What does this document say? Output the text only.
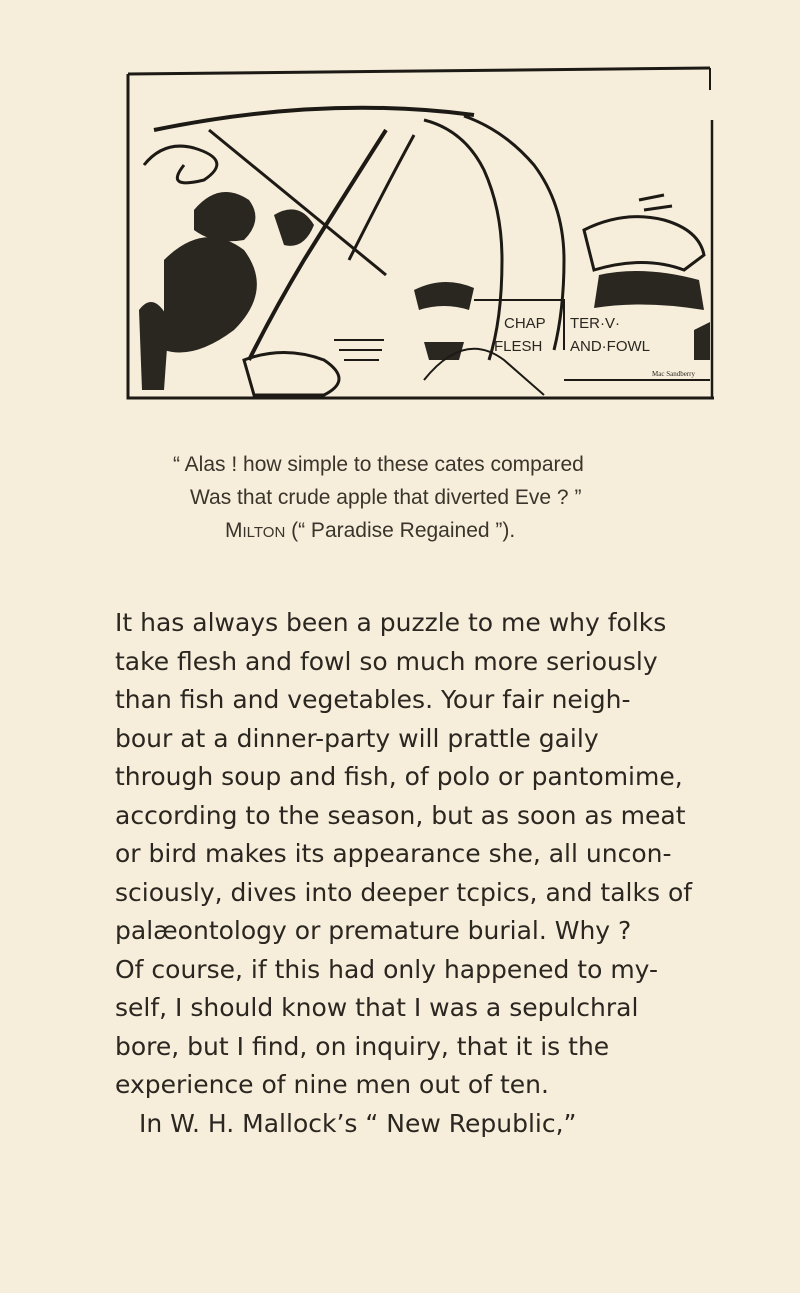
CHAP
FLESH
TER·V·
AND·FOWL
Mac Sandberry
“ Alas ! how simple to these cates compared
Was that crude apple that diverted Eve ? ”
Milton (“ Paradise Regained ”).
It has always been a puzzle to me why folks
take flesh and fowl so much more seriously
than fish and vegetables. Your fair neigh-
bour at a dinner-party will prattle gaily
through soup and fish, of polo or pantomime,
according to the season, but as soon as meat
or bird makes its appearance she, all uncon-
sciously, dives into deeper tcpics, and talks of
palæontology or premature burial. Why ?
Of course, if this had only happened to my-
self, I should know that I was a sepulchral
bore, but I find, on inquiry, that it is the
experience of nine men out of ten.
In W. H. Mallock’s “ New Republic,”
